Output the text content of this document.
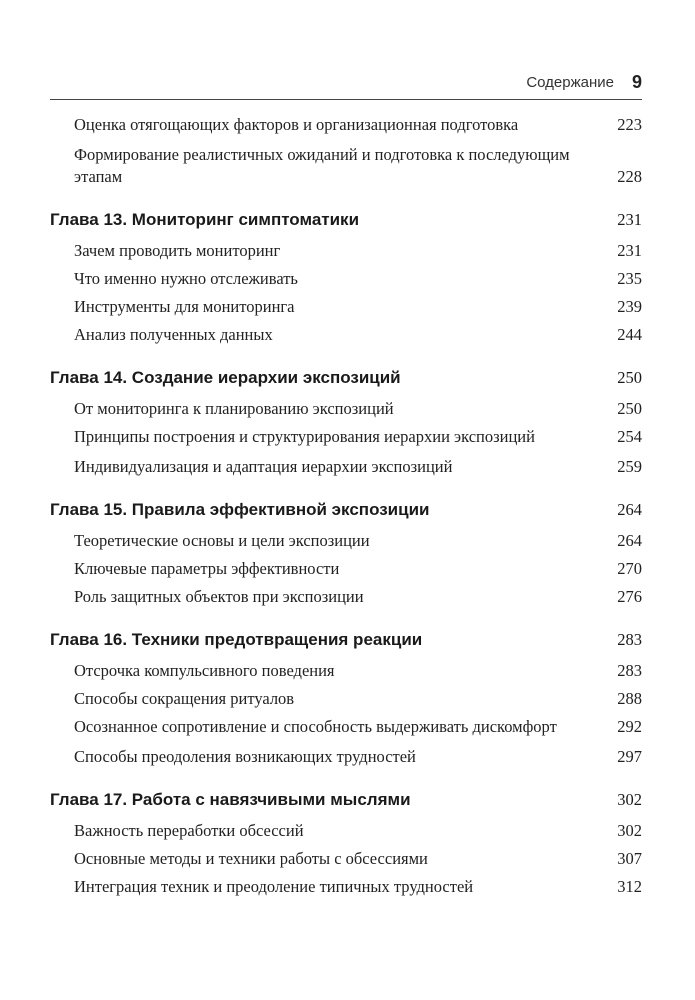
Содержание 9
Оценка отягощающих факторов и организационная подготовка	223
Формирование реалистичных ожиданий и подготовка к последующим этапам	228
Глава 13. Мониторинг симптоматики	231
Зачем проводить мониторинг	231
Что именно нужно отслеживать	235
Инструменты для мониторинга	239
Анализ полученных данных	244
Глава 14. Создание иерархии экспозиций	250
От мониторинга к планированию экспозиций	250
Принципы построения и структурирования иерархии экспозиций	254
Индивидуализация и адаптация иерархии экспозиций	259
Глава 15. Правила эффективной экспозиции	264
Теоретические основы и цели экспозиции	264
Ключевые параметры эффективности	270
Роль защитных объектов при экспозиции	276
Глава 16. Техники предотвращения реакции	283
Отсрочка компульсивного поведения	283
Способы сокращения ритуалов	288
Осознанное сопротивление и способность выдерживать дискомфорт	292
Способы преодоления возникающих трудностей	297
Глава 17. Работа с навязчивыми мыслями	302
Важность переработки обсессий	302
Основные методы и техники работы с обсессиями	307
Интеграция техник и преодоление типичных трудностей	312
